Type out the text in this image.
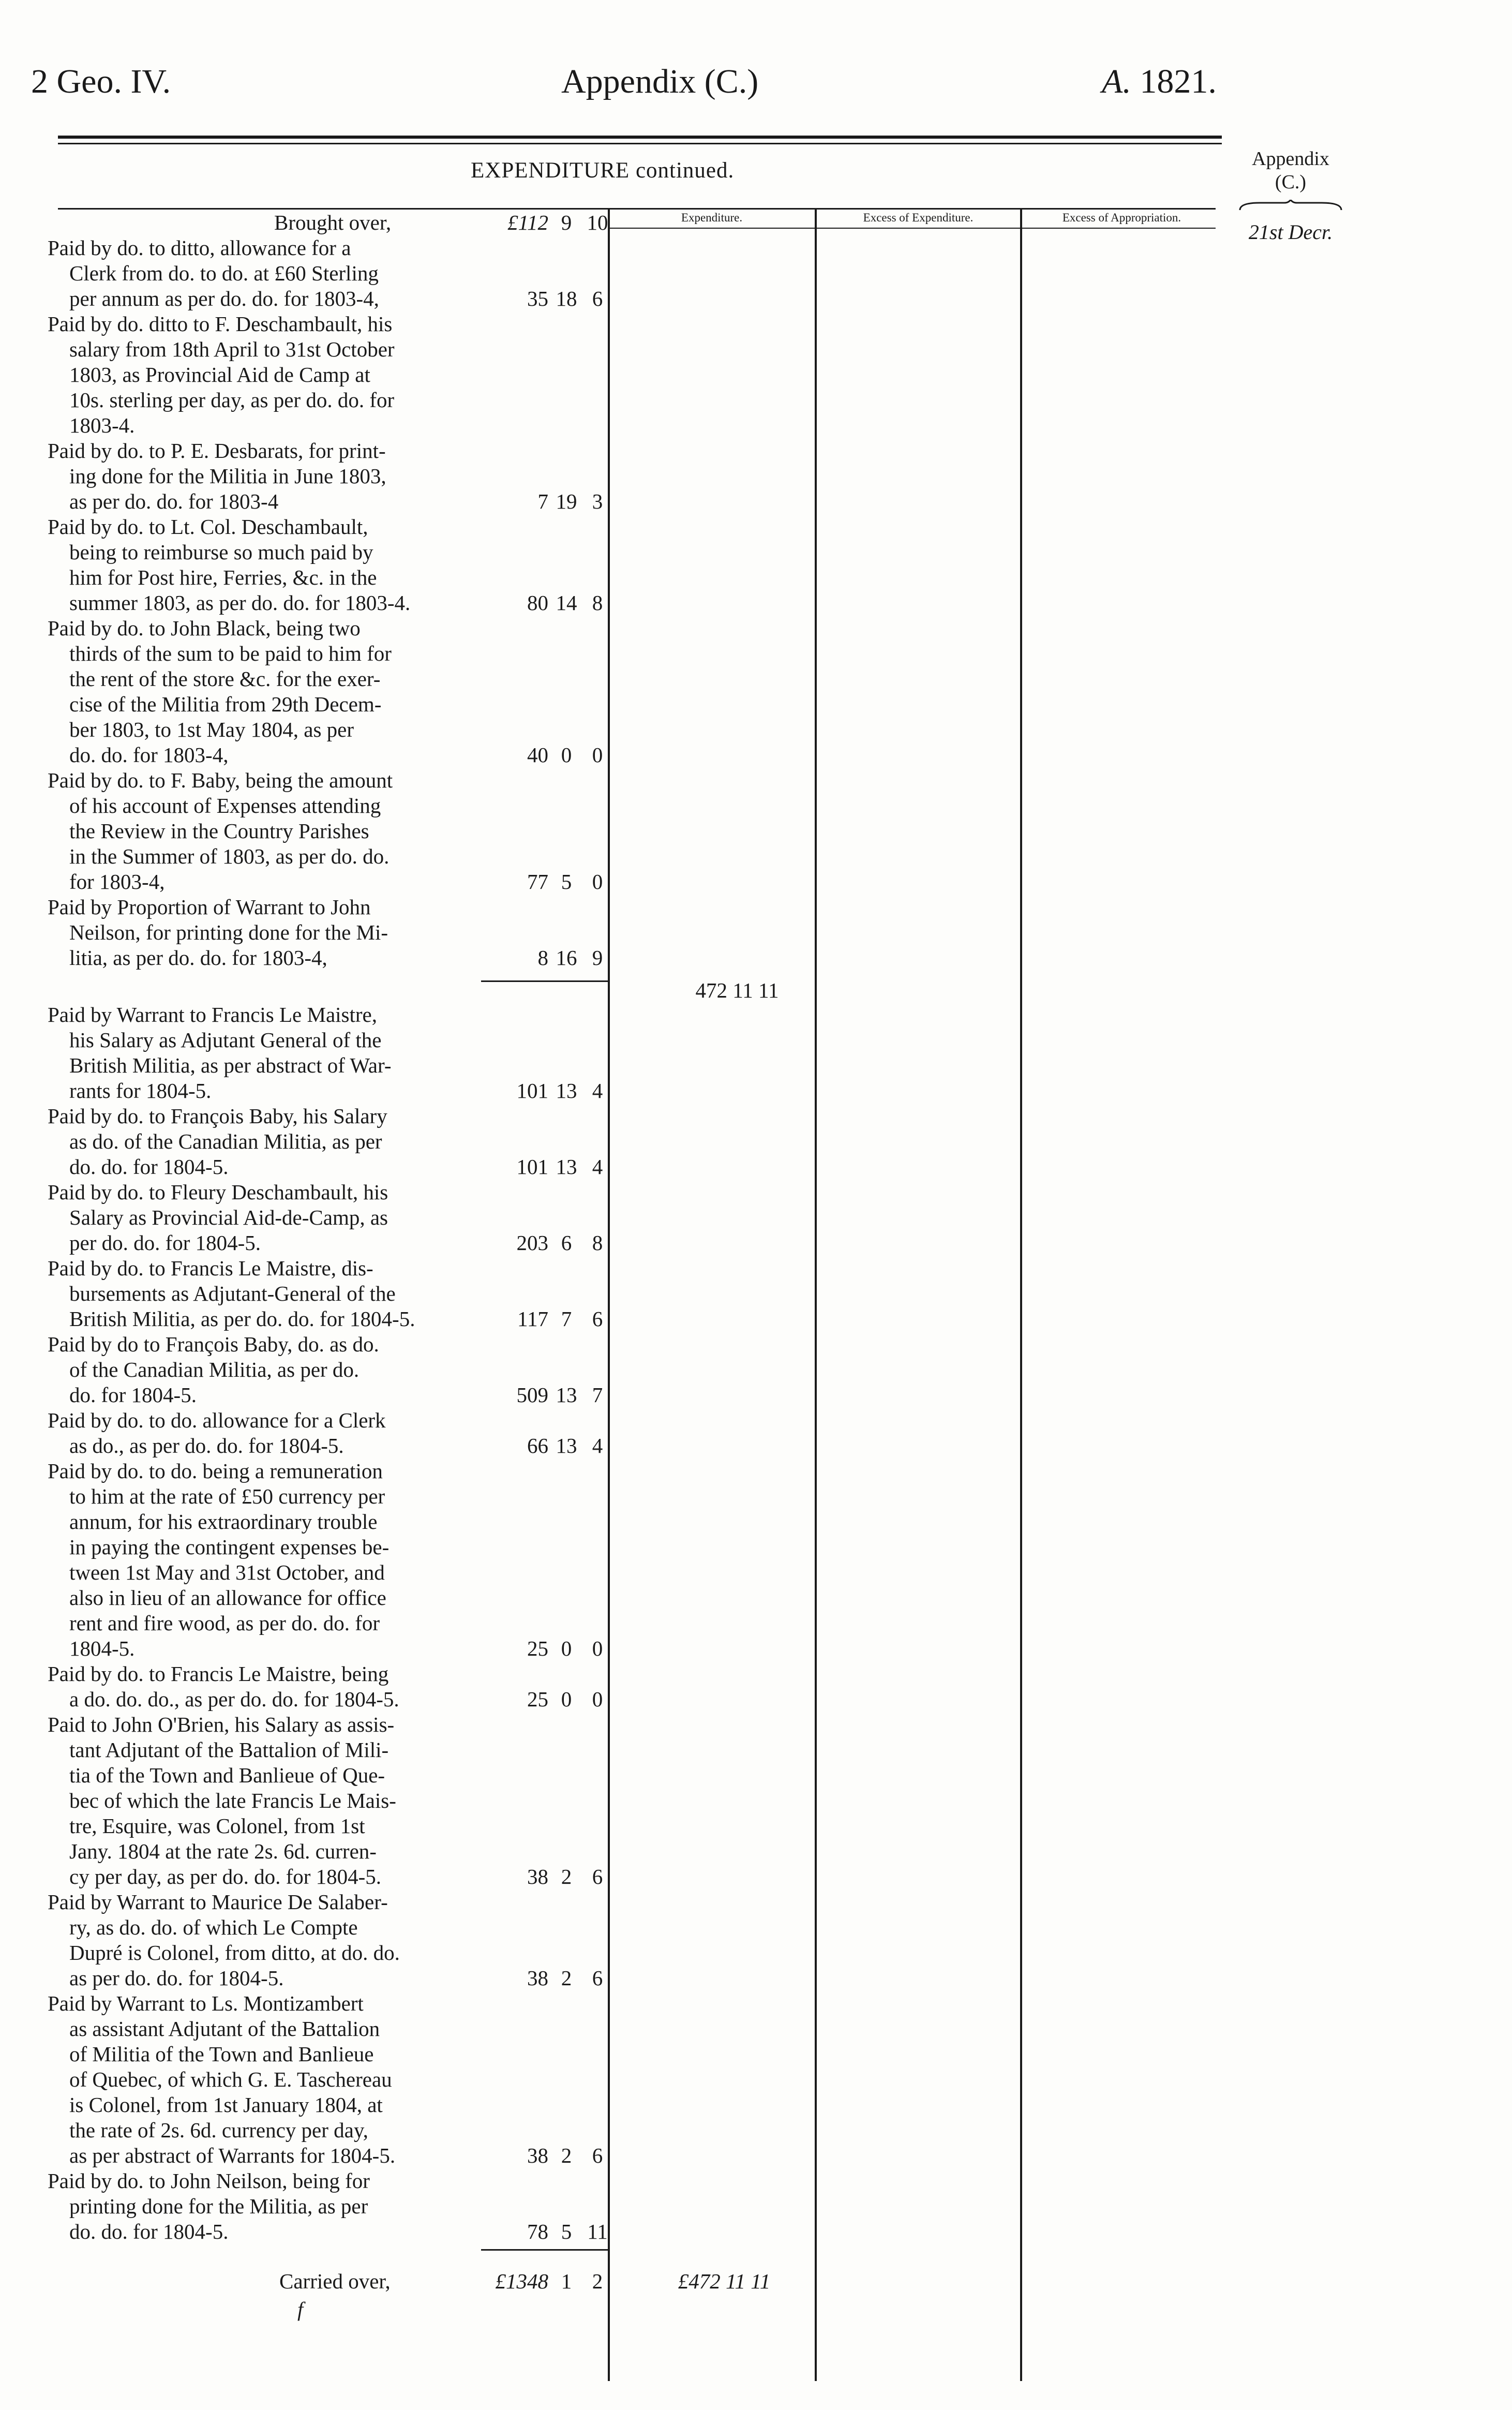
2 Geo. IV.	Appendix (C.)	A. 1821.
EXPENDITURE continued.	Appendix
(C.)
21st Decr.
Expenditure.	Excess of Expenditure.	Excess of Appropriation.
Brought over,	£112 9 10
Paid by do. to ditto, allowance for a
Clerk from do. to do. at £60 Sterling
per annum as per do. do. for 1803-4,	35 18 6
Paid by do. ditto to F. Deschambault, his
salary from 18th April to 31st October
1803, as Provincial Aid de Camp at
10s. sterling per day, as per do. do. for
1803-4.
Paid by do. to P. E. Desbarats, for print-
ing done for the Militia in June 1803,
as per do. do. for 1803-4	7 19 3
Paid by do. to Lt. Col. Deschambault,
being to reimburse so much paid by
him for Post hire, Ferries, &c. in the
summer 1803, as per do. do. for 1803-4.	80 14 8
Paid by do. to John Black, being two
thirds of the sum to be paid to him for
the rent of the store &c. for the exer-
cise of the Militia from 29th Decem-
ber 1803, to 1st May 1804, as per
do. do. for 1803-4,	40 0 0
Paid by do. to F. Baby, being the amount
of his account of Expenses attending
the Review in the Country Parishes
in the Summer of 1803, as per do. do.
for 1803-4,	77 5 0
Paid by Proportion of Warrant to John
Neilson, for printing done for the Mi-
litia, as per do. do. for 1803-4,	8 16 9
472 11 11
Paid by Warrant to Francis Le Maistre,
his Salary as Adjutant General of the
British Militia, as per abstract of War-
rants for 1804-5.	101 13 4
Paid by do. to François Baby, his Salary
as do. of the Canadian Militia, as per
do. do. for 1804-5.	101 13 4
Paid by do. to Fleury Deschambault, his
Salary as Provincial Aid-de-Camp, as
per do. do. for 1804-5.	203 6 8
Paid by do. to Francis Le Maistre, dis-
bursements as Adjutant-General of the
British Militia, as per do. do. for 1804-5.	117 7 6
Paid by do to François Baby, do. as do.
of the Canadian Militia, as per do.
do. for 1804-5.	509 13 7
Paid by do. to do. allowance for a Clerk
as do., as per do. do. for 1804-5.	66 13 4
Paid by do. to do. being a remuneration
to him at the rate of £50 currency per
annum, for his extraordinary trouble
in paying the contingent expenses be-
tween 1st May and 31st October, and
also in lieu of an allowance for office
rent and fire wood, as per do. do. for
1804-5.	25 0 0
Paid by do. to Francis Le Maistre, being
a do. do. do., as per do. do. for 1804-5.	25 0 0
Paid to John O'Brien, his Salary as assis-
tant Adjutant of the Battalion of Mili-
tia of the Town and Banlieue of Que-
bec of which the late Francis Le Mais-
tre, Esquire, was Colonel, from 1st
Jany. 1804 at the rate 2s. 6d. curren-
cy per day, as per do. do. for 1804-5.	38 2 6
Paid by Warrant to Maurice De Salaber-
ry, as do. do. of which Le Compte
Dupré is Colonel, from ditto, at do. do.
as per do. do. for 1804-5.	38 2 6
Paid by Warrant to Ls. Montizambert
as assistant Adjutant of the Battalion
of Militia of the Town and Banlieue
of Quebec, of which G. E. Taschereau
is Colonel, from 1st January 1804, at
the rate of 2s. 6d. currency per day,
as per abstract of Warrants for 1804-5.	38 2 6
Paid by do. to John Neilson, being for
printing done for the Militia, as per
do. do. for 1804-5.	78 5 11
Carried over,	£1348 1 2	£472 11 11
f
